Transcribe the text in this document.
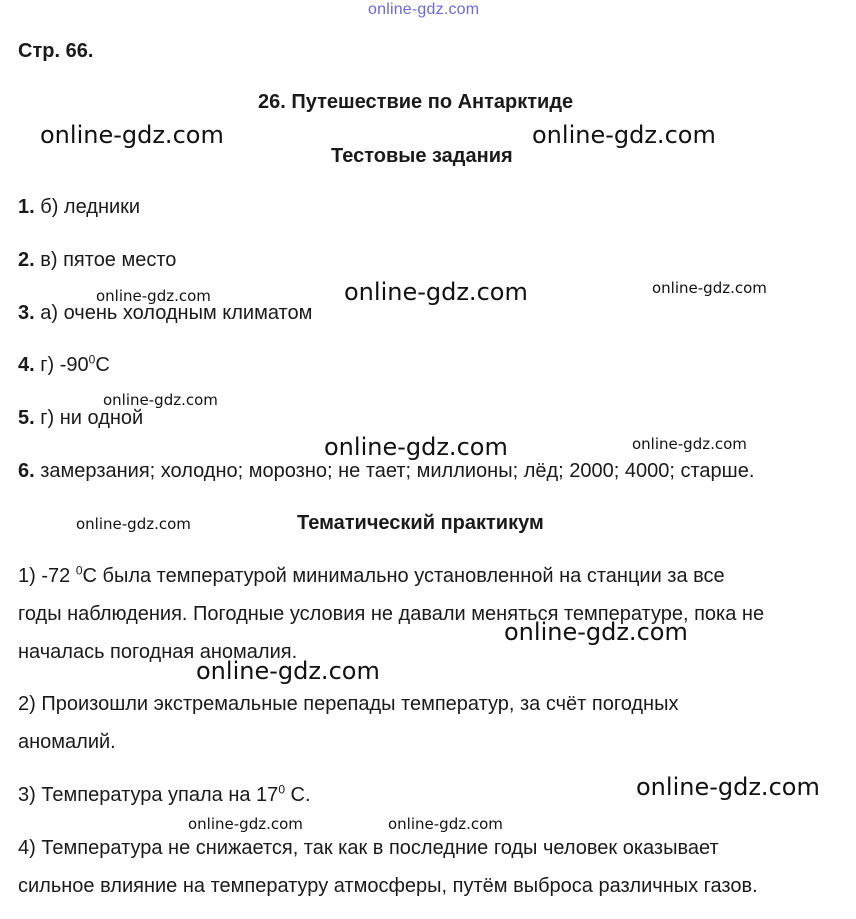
online-gdz.com
Стр. 66.
26. Путешествие по Антарктиде
Тестовые задания
1. б) ледники
2. в) пятое место
3. а) очень холодным климатом
4. г) $-90^0С$
5. г) ни одной
6. замерзания; холодно; морозно; не тает; миллионы; лёд; 2000; 4000; старше.
Тематический практикум
1) -72 $^0$С была температурой минимально установленной на станции за все
годы наблюдения. Погодные условия не давали меняться температуре, пока не
началась погодная аномалия.
2) Произошли экстремальные перепады температур, за счёт погодных
аномалий.
3) Температура упала на $17^0$ С.
4) Температура не снижается, так как в последние годы человек оказывает
сильное влияние на температуру атмосферы, путём выброса различных газов.
online-gdz.com	online-gdz.com
online-gdz.com	online-gdz.com	online-gdz.com
online-gdz.com
online-gdz.com	online-gdz.com
online-gdz.com
online-gdz.com
online-gdz.com
online-gdz.com
online-gdz.com	online-gdz.com
